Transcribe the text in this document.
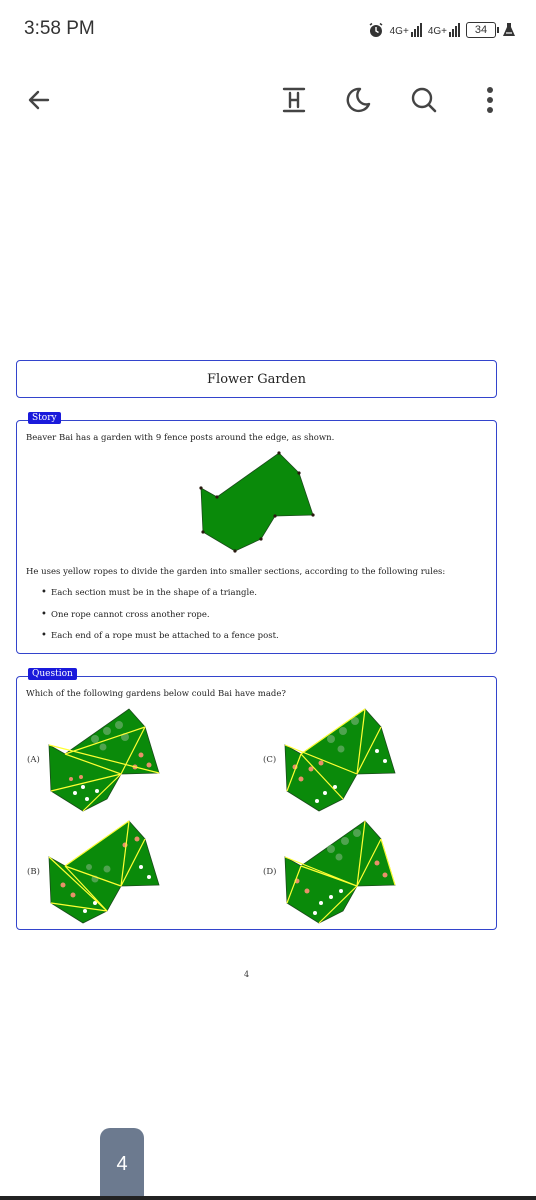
3:58 PM	4G+ 4G+	34
Flower Garden
Story
Beaver Bai has a garden with 9 fence posts around the edge, as shown.
He uses yellow ropes to divide the garden into smaller sections, according to the following rules:
• Each section must be in the shape of a triangle.
• One rope cannot cross another rope.
• Each end of a rope must be attached to a fence post.
Question
Which of the following gardens below could Bai have made?
(A)
(B)
(C)
(D)
4
4
